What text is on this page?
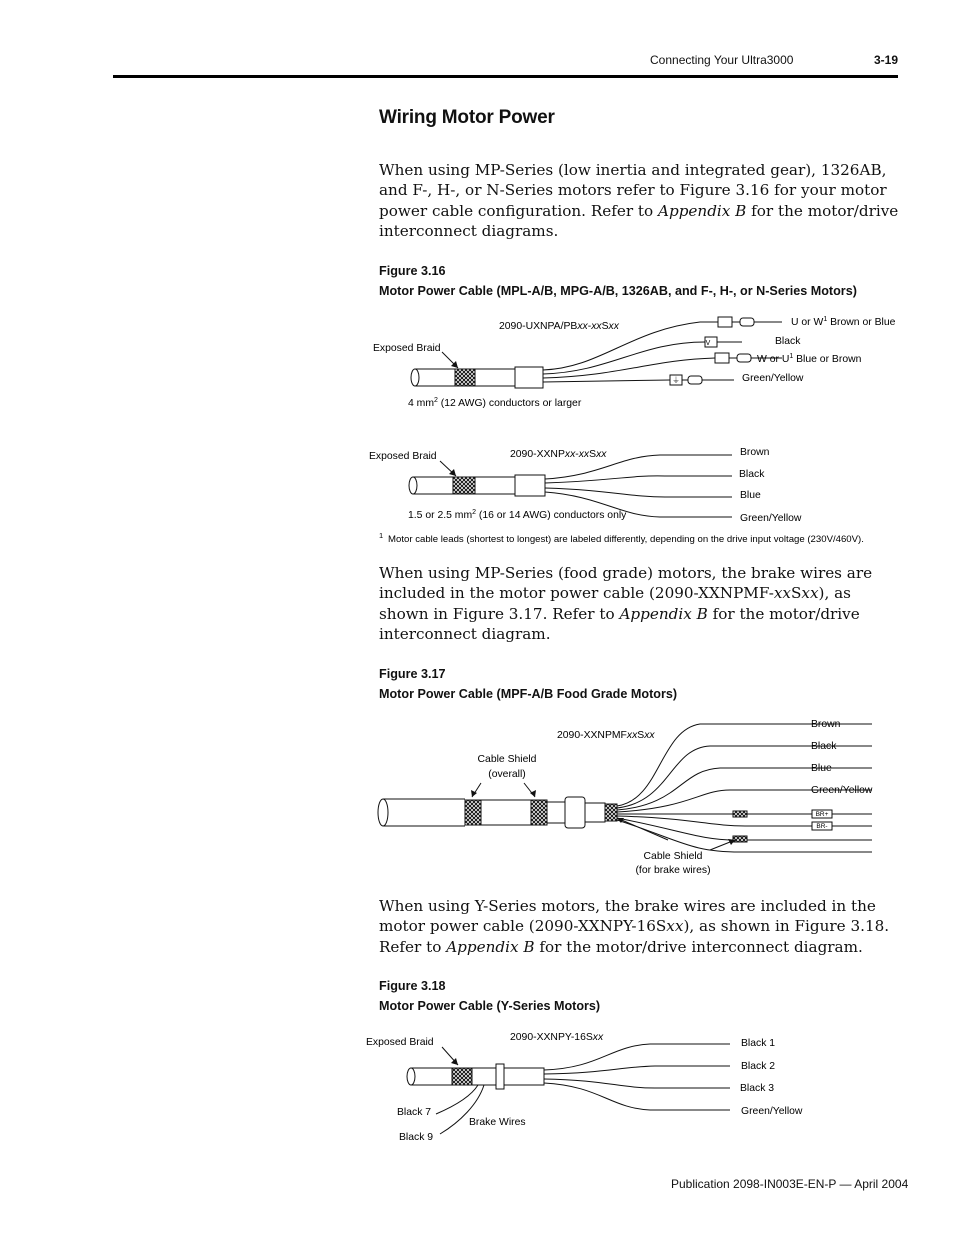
Connecting Your Ultra3000	3-19
Wiring Motor Power
When using MP-Series (low inertia and integrated gear), 1326AB, and F-, H-, or N-Series motors refer to Figure 3.16 for your motor power cable configuration. Refer to Appendix B for the motor/drive interconnect diagrams.
Figure 3.16
Motor Power Cable (MPL-A/B, MPG-A/B, 1326AB, and F-, H-, or N-Series Motors)
V
⏚
Exposed Braid
2090-UXNPA/PBxx-xxSxx	U or $W^1$ Brown or Blue
Black
W or $U^1$ Blue or Brown
Green/Yellow
4 $mm^2$ (12 AWG) conductors or larger
Exposed Braid	2090-XXNPxx-xxSxx	Brown
Black
Blue
Green/Yellow
1.5 or 2.5 $mm^2$ (16 or 14 AWG) conductors only
1 Motor cable leads (shortest to longest) are labeled differently, depending on the drive input voltage (230V/460V).
When using MP-Series (food grade) motors, the brake wires are included in the motor power cable (2090-XXNPMF-xxSxx), as shown in Figure 3.17. Refer to Appendix B for the motor/drive interconnect diagram.
Figure 3.17
Motor Power Cable (MPF-A/B Food Grade Motors)
2090-XXNPMFxxSxx
Cable Shield
(overall)
Brown
Black
Blue
Green/Yellow
BR+
BR-
Cable Shield
(for brake wires)
When using Y-Series motors, the brake wires are included in the motor power cable (2090-XXNPY-16Sxx), as shown in Figure 3.18. Refer to Appendix B for the motor/drive interconnect diagram.
Figure 3.18
Motor Power Cable (Y-Series Motors)
Exposed Braid	2090-XXNPY-16Sxx
Black 1
Black 2
Black 3
Green/Yellow
Black 7
Black 9
Brake Wires
Publication 2098-IN003E-EN-P — April 2004
